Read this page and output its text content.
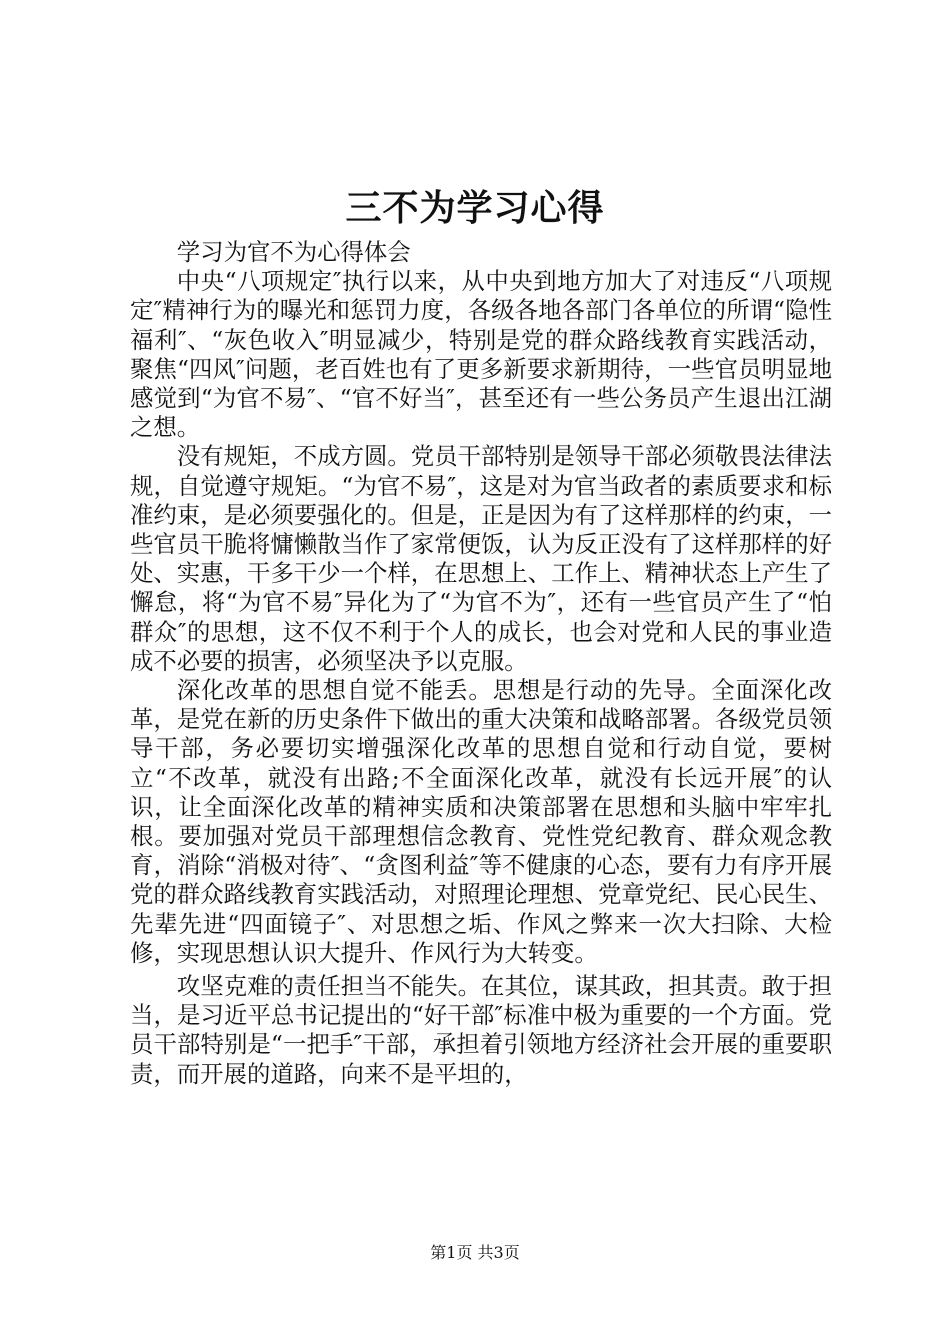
三不为学习心得

学习为官不为心得体会

中央“八项规定″执行以来，从中央到地方加大了对违反“八项规定″精神行为的曝光和惩罚力度，各级各地各部门各单位的所谓“隐性福利″、“灰色收入″明显减少，特别是党的群众路线教育实践活动，聚焦“四风″问题，老百姓也有了更多新要求新期待，一些官员明显地感觉到“为官不易″、“官不好当″，甚至还有一些公务员产生退出江湖之想。

没有规矩，不成方圆。党员干部特别是领导干部必须敬畏法律法规，自觉遵守规矩。“为官不易″，这是对为官当政者的素质要求和标准约束，是必须要强化的。但是，正是因为有了这样那样的约束，一些官员干脆将慵懒散当作了家常便饭，认为反正没有了这样那样的好处、实惠，干多干少一个样，在思想上、工作上、精神状态上产生了懈怠，将“为官不易″异化为了“为官不为″，还有一些官员产生了“怕群众″的思想，这不仅不利于个人的成长，也会对党和人民的事业造成不必要的损害，必须坚决予以克服。

深化改革的思想自觉不能丢。思想是行动的先导。全面深化改革，是党在新的历史条件下做出的重大决策和战略部署。各级党员领导干部，务必要切实增强深化改革的思想自觉和行动自觉，要树立“不改革，就没有出路;不全面深化改革，就没有长远开展″的认识，让全面深化改革的精神实质和决策部署在思想和头脑中牢牢扎根。要加强对党员干部理想信念教育、党性党纪教育、群众观念教育，消除“消极对待″、“贪图利益″等不健康的心态，要有力有序开展党的群众路线教育实践活动，对照理论理想、党章党纪、民心民生、先辈先进“四面镜子″、对思想之垢、作风之弊来一次大扫除、大检修，实现思想认识大提升、作风行为大转变。

攻坚克难的责任担当不能失。在其位，谋其政，担其责。敢于担当，是习近平总书记提出的“好干部″标准中极为重要的一个方面。党员干部特别是“一把手″干部，承担着引领地方经济社会开展的重要职责，而开展的道路，向来不是平坦的，

第1页 共3页
